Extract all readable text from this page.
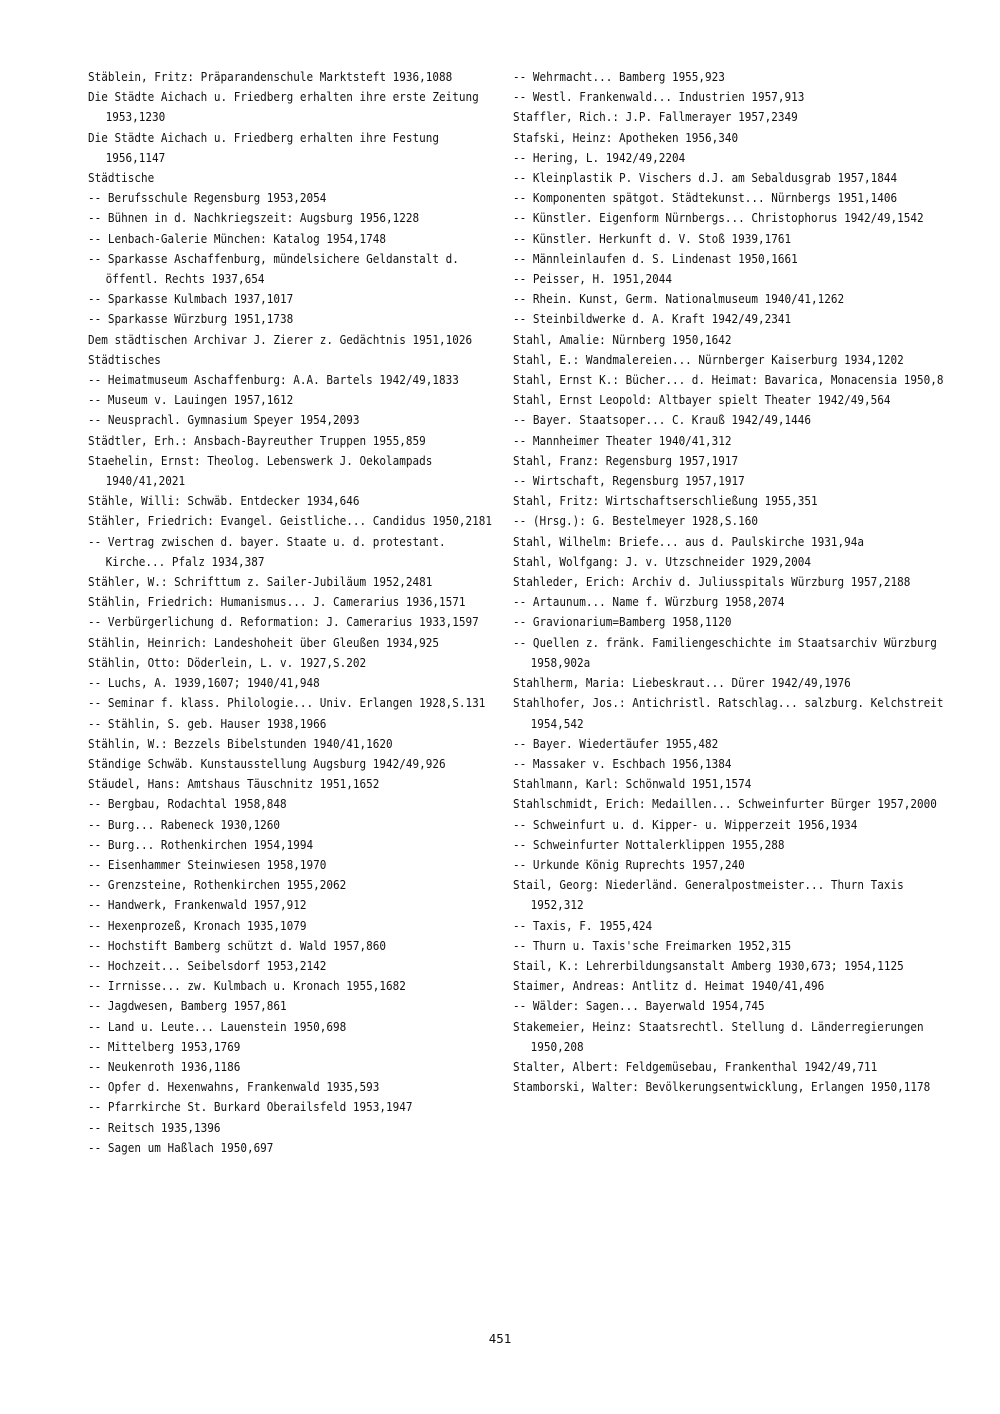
Stäblein, Fritz: Präparandenschule Marktsteft 1936,1088
Die Städte Aichach u. Friedberg erhalten ihre erste Zeitung 1953,1230
Die Städte Aichach u. Friedberg erhalten ihre Festung 1956,1147
Städtische
-- Berufsschule Regensburg 1953,2054
-- Bühnen in d. Nachkriegszeit: Augsburg 1956,1228
-- Lenbach-Galerie München: Katalog 1954,1748
-- Sparkasse Aschaffenburg, mündelsichere Geldanstalt d. öffentl. Rechts 1937,654
-- Sparkasse Kulmbach 1937,1017
-- Sparkasse Würzburg 1951,1738
Dem städtischen Archivar J. Zierer z. Gedächtnis 1951,1026
Städtisches
-- Heimatmuseum Aschaffenburg: A.A. Bartels 1942/49,1833
-- Museum v. Lauingen 1957,1612
-- Neusprachl. Gymnasium Speyer 1954,2093
Städtler, Erh.: Ansbach-Bayreuther Truppen 1955,859
Staehelin, Ernst: Theolog. Lebenswerk J. Oekolampads 1940/41,2021
Stähle, Willi: Schwäb. Entdecker 1934,646
Stähler, Friedrich: Evangel. Geistliche... Candidus 1950,2181
-- Vertrag zwischen d. bayer. Staate u. d. protestant. Kirche... Pfalz 1934,387
Stähler, W.: Schrifttum z. Sailer-Jubiläum 1952,2481
Stählin, Friedrich: Humanismus... J. Camerarius 1936,1571
-- Verbürgerlichung d. Reformation: J. Camerarius 1933,1597
Stählin, Heinrich: Landeshoheit über Gleußen 1934,925
Stählin, Otto: Döderlein, L. v. 1927,S.202
-- Luchs, A. 1939,1607; 1940/41,948
-- Seminar f. klass. Philologie... Univ. Erlangen 1928,S.131
-- Stählin, S. geb. Hauser 1938,1966
Stählin, W.: Bezzels Bibelstunden 1940/41,1620
Ständige Schwäb. Kunstausstellung Augsburg 1942/49,926
Stäudel, Hans: Amtshaus Täuschnitz 1951,1652
-- Bergbau, Rodachtal 1958,848
-- Burg... Rabeneck 1930,1260
-- Burg... Rothenkirchen 1954,1994
-- Eisenhammer Steinwiesen 1958,1970
-- Grenzsteine, Rothenkirchen 1955,2062
-- Handwerk, Frankenwald 1957,912
-- Hexenprozeß, Kronach 1935,1079
-- Hochstift Bamberg schützt d. Wald 1957,860
-- Hochzeit... Seibelsdorf 1953,2142
-- Irrnisse... zw. Kulmbach u. Kronach 1955,1682
-- Jagdwesen, Bamberg 1957,861
-- Land u. Leute... Lauenstein 1950,698
-- Mittelberg 1953,1769
-- Neukenroth 1936,1186
-- Opfer d. Hexenwahns, Frankenwald 1935,593
-- Pfarrkirche St. Burkard Oberailsfeld 1953,1947
-- Reitsch 1935,1396
-- Sagen um Haßlach 1950,697
-- Wehrmacht... Bamberg 1955,923
-- Westl. Frankenwald... Industrien 1957,913
Staffler, Rich.: J.P. Fallmerayer 1957,2349
Stafski, Heinz: Apotheken 1956,340
-- Hering, L. 1942/49,2204
-- Kleinplastik P. Vischers d.J. am Sebaldusgrab 1957,1844
-- Komponenten spätgot. Städtekunst... Nürnbergs 1951,1406
-- Künstler. Eigenform Nürnbergs... Christophorus 1942/49,1542
-- Künstler. Herkunft d. V. Stoß 1939,1761
-- Männleinlaufen d. S. Lindenast 1950,1661
-- Peisser, H. 1951,2044
-- Rhein. Kunst, Germ. Nationalmuseum 1940/41,1262
-- Steinbildwerke d. A. Kraft 1942/49,2341
Stahl, Amalie: Nürnberg 1950,1642
Stahl, E.: Wandmalereien... Nürnberger Kaiserburg 1934,1202
Stahl, Ernst K.: Bücher... d. Heimat: Bavarica, Monacensia 1950,8
Stahl, Ernst Leopold: Altbayer spielt Theater 1942/49,564
-- Bayer. Staatsoper... C. Krauß 1942/49,1446
-- Mannheimer Theater 1940/41,312
Stahl, Franz: Regensburg 1957,1917
-- Wirtschaft, Regensburg 1957,1917
Stahl, Fritz: Wirtschaftserschließung 1955,351
-- (Hrsg.): G. Bestelmeyer 1928,S.160
Stahl, Wilhelm: Briefe... aus d. Paulskirche 1931,94a
Stahl, Wolfgang: J. v. Utzschneider 1929,2004
Stahleder, Erich: Archiv d. Juliusspitals Würzburg 1957,2188
-- Artaunum... Name f. Würzburg 1958,2074
-- Gravionarium=Bamberg 1958,1120
-- Quellen z. fränk. Familiengeschichte im Staatsarchiv Würzburg 1958,902a
Stahlherm, Maria: Liebeskraut... Dürer 1942/49,1976
Stahlhofer, Jos.: Antichristl. Ratschlag... salzburg. Kelchstreit 1954,542
-- Bayer. Wiedertäufer 1955,482
-- Massaker v. Eschbach 1956,1384
Stahlmann, Karl: Schönwald 1951,1574
Stahlschmidt, Erich: Medaillen... Schweinfurter Bürger 1957,2000
-- Schweinfurt u. d. Kipper- u. Wipperzeit 1956,1934
-- Schweinfurter Nottalerklippen 1955,288
-- Urkunde König Ruprechts 1957,240
Stail, Georg: Niederländ. Generalpostmeister... Thurn Taxis 1952,312
-- Taxis, F. 1955,424
-- Thurn u. Taxis'sche Freimarken 1952,315
Stail, K.: Lehrerbildungsanstalt Amberg 1930,673; 1954,1125
Staimer, Andreas: Antlitz d. Heimat 1940/41,496
-- Wälder: Sagen... Bayerwald 1954,745
Stakemeier, Heinz: Staatsrechtl. Stellung d. Länderregierungen 1950,208
Stalter, Albert: Feldgemüsebau, Frankenthal 1942/49,711
Stamborski, Walter: Bevölkerungsentwicklung, Erlangen 1950,1178
451
